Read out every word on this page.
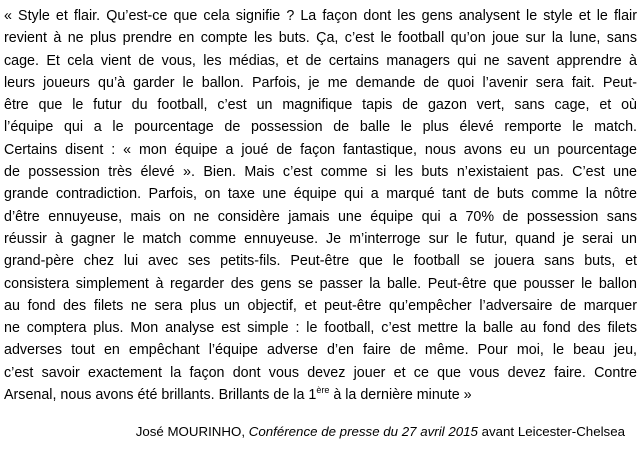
« Style et flair. Qu’est-ce que cela signifie ? La façon dont les gens analysent le style et le flair
revient à ne plus prendre en compte les buts. Ça, c’est le football qu’on joue sur la lune, sans
cage. Et cela vient de vous, les médias, et de certains managers qui ne savent apprendre à
leurs joueurs qu’à garder le ballon. Parfois, je me demande de quoi l’avenir sera fait. Peut-
être que le futur du football, c’est un magnifique tapis de gazon vert, sans cage, et où
l’équipe qui a le pourcentage de possession de balle le plus élevé remporte le match.
Certains disent : « mon équipe a joué de façon fantastique, nous avons eu un pourcentage
de possession très élevé ». Bien. Mais c’est comme si les buts n’existaient pas. C’est une
grande contradiction. Parfois, on taxe une équipe qui a marqué tant de buts comme la nôtre
d’être ennuyeuse, mais on ne considère jamais une équipe qui a 70% de possession sans
réussir à gagner le match comme ennuyeuse. Je m’interroge sur le futur, quand je serai un
grand-père chez lui avec ses petits-fils. Peut-être que le football se jouera sans buts, et
consistera simplement à regarder des gens se passer la balle. Peut-être que pousser le ballon
au fond des filets ne sera plus un objectif, et peut-être qu’empêcher l’adversaire de marquer
ne comptera plus. Mon analyse est simple : le football, c’est mettre la balle au fond des filets
adverses tout en empêchant l’équipe adverse d’en faire de même. Pour moi, le beau jeu,
c’est savoir exactement la façon dont vous devez jouer et ce que vous devez faire. Contre
Arsenal, nous avons été brillants. Brillants de la 1ère à la dernière minute »

José MOURINHO, Conférence de presse du 27 avril 2015 avant Leicester-Chelsea
